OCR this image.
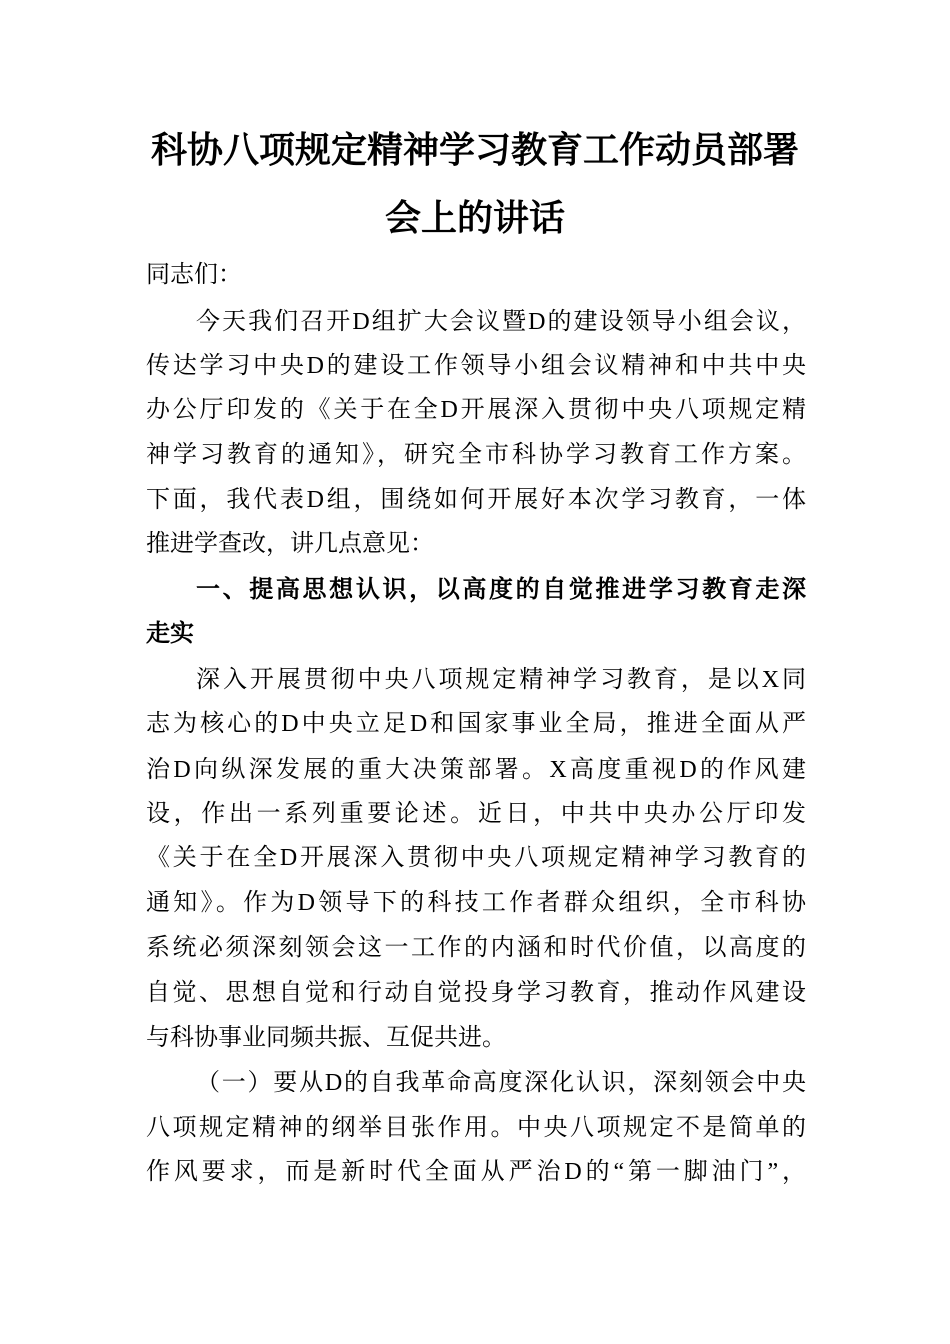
科协八项规定精神学习教育工作动员部署
会上的讲话
同志们：
今天我们召开D组扩大会议暨D的建设领导小组会议，
传达学习中央D的建设工作领导小组会议精神和中共中央
办公厅印发的《关于在全D开展深入贯彻中央八项规定精
神学习教育的通知》，研究全市科协学习教育工作方案。
下面，我代表D组，围绕如何开展好本次学习教育，一体
推进学查改，讲几点意见：
一、提高思想认识，以高度的自觉推进学习教育走深
走实
深入开展贯彻中央八项规定精神学习教育，是以X同
志为核心的D中央立足D和国家事业全局，推进全面从严
治D向纵深发展的重大决策部署。X高度重视D的作风建
设，作出一系列重要论述。近日，中共中央办公厅印发
《关于在全D开展深入贯彻中央八项规定精神学习教育的
通知》。作为D领导下的科技工作者群众组织，全市科协
系统必须深刻领会这一工作的内涵和时代价值，以高度的
自觉、思想自觉和行动自觉投身学习教育，推动作风建设
与科协事业同频共振、互促共进。
（一）要从D的自我革命高度深化认识，深刻领会中央
八项规定精神的纲举目张作用。中央八项规定不是简单的
作风要求，而是新时代全面从严治D的“第一脚油门”，
